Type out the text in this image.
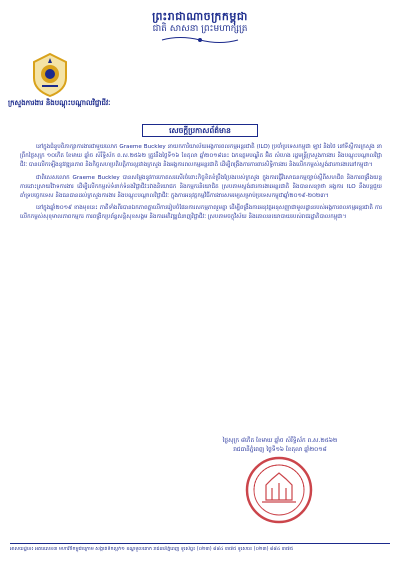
ព្រះរាជាណាចក្រកម្ពុជា
ជាតិ សាសនា ព្រះមហាក្សត្រ
ក្រសួងការងារ និងបណ្តុះបណ្តាលវិជ្ជាជីវៈ
សេចក្តីប្រកាសព័ត៌មាន

នៅក្នុងជំនួបពិភាក្សាការងារជាមួយលោក Graeme Buckley នាយកការិយាល័យអង្គការពលកម្មអន្តរជាតិ (ILO) ប្រចាំប្រទេសកម្ពុជា ឡាវ និងថៃ នៅទីស្តីការក្រសួង នាព្រឹកថ្ងៃសុក្រ ១០កើត ខែមាឃ ឆ្នាំច សំរឹទ្ធិស័ក ព.ស.២៥៦២ ត្រូវនឹងថ្ងៃទី១៦ ខែតុលា ឆ្នាំ២០១៨នេះ ឯកឧត្តមបណ្ឌិត អ៊ិត សំហេង រដ្ឋមន្ត្រីក្រសួងការងារ និងបណ្តុះបណ្តាលវិជ្ជាជីវៈ បានលើកឡើងនូវវឌ្ឍនភាព និងកិច្ចសហប្រតិបត្តិការល្អរវាងក្រសួង និងអង្គការពលកម្មអន្តរជាតិ ដើម្បីពង្រឹងការការពារសិទ្ធិការងារ និងលើកកម្ពស់ស្តង់ដារការងារនៅកម្ពុជា។

ជាពិសេសលោក Graeme Buckley បានសម្តែងនូវការកោតសរសើរចំពោះកិច្ចខិតខំប្រឹងប្រែងរបស់ក្រសួង ក្នុងការធ្វើវិសោធនកម្មច្បាប់ស្តីពីសហជីព និងការពង្រឹងយន្តការដោះស្រាយវិវាទការងារ ដើម្បីលើកកម្ពស់ទំនាក់ទំនងវិជ្ជាជីវៈរវាងនិយោជក និងកម្មករនិយោជិត ស្របតាមស្តង់ដារការងារអន្តរជាតិ និងបានសន្យាថា អង្គការ ILO នឹងបន្តជួយគាំទ្របច្ចេកទេស និងធនធានដល់ក្រសួងការងារ និងបណ្តុះបណ្តាលវិជ្ជាជីវៈ ក្នុងការអនុវត្តកម្មវិធីការងារសមរម្យសម្រាប់ប្រទេសកម្ពុជាឆ្នាំ២០១៩-២០២៣។

នៅក្នុងឆ្នាំ២០១៩ ខាងមុខនេះ ភាគីទាំងពីរបានឯកភាពគ្នាលើការរៀបចំផែនការសកម្មភាពរួមគ្នា ដើម្បីពង្រឹងការអនុវត្តអនុសញ្ញាជាមូលដ្ឋានរបស់អង្គការពលកម្មអន្តរជាតិ ការលើកកម្ពស់សុខុមាលភាពកម្មករ ការពង្រីកប្រព័ន្ធសន្តិសុខសង្គម និងការអភិវឌ្ឍជំនាញវិជ្ជាជីវៈ ស្របតាមចក្ខុវិស័យ និងគោលនយោបាយរបស់រាជរដ្ឋាភិបាលកម្ពុជា។

ថ្ងៃសុក្រ ៨កើត ខែមាឃ ឆ្នាំច សំរឹទ្ធិស័ក ព.ស.២៥៦២
រាជធានីភ្នំពេញ ថ្ងៃទី១៦ ខែតុលា ឆ្នាំ២០១៨
អាសយដ្ឋាន៖ អគារលេខ៣ មហាវិថីកម្ពុជាក្រោម សង្កាត់ទឹកល្អក់១ ខណ្ឌទួលគោក រាជធានីភ្នំពេញ ទូរស័ព្ទ៖ (០២៣) ៨៨៤ ៣៧៥ ទូរសារ៖ (០២៣) ៨៨៤ ៣៧៥
